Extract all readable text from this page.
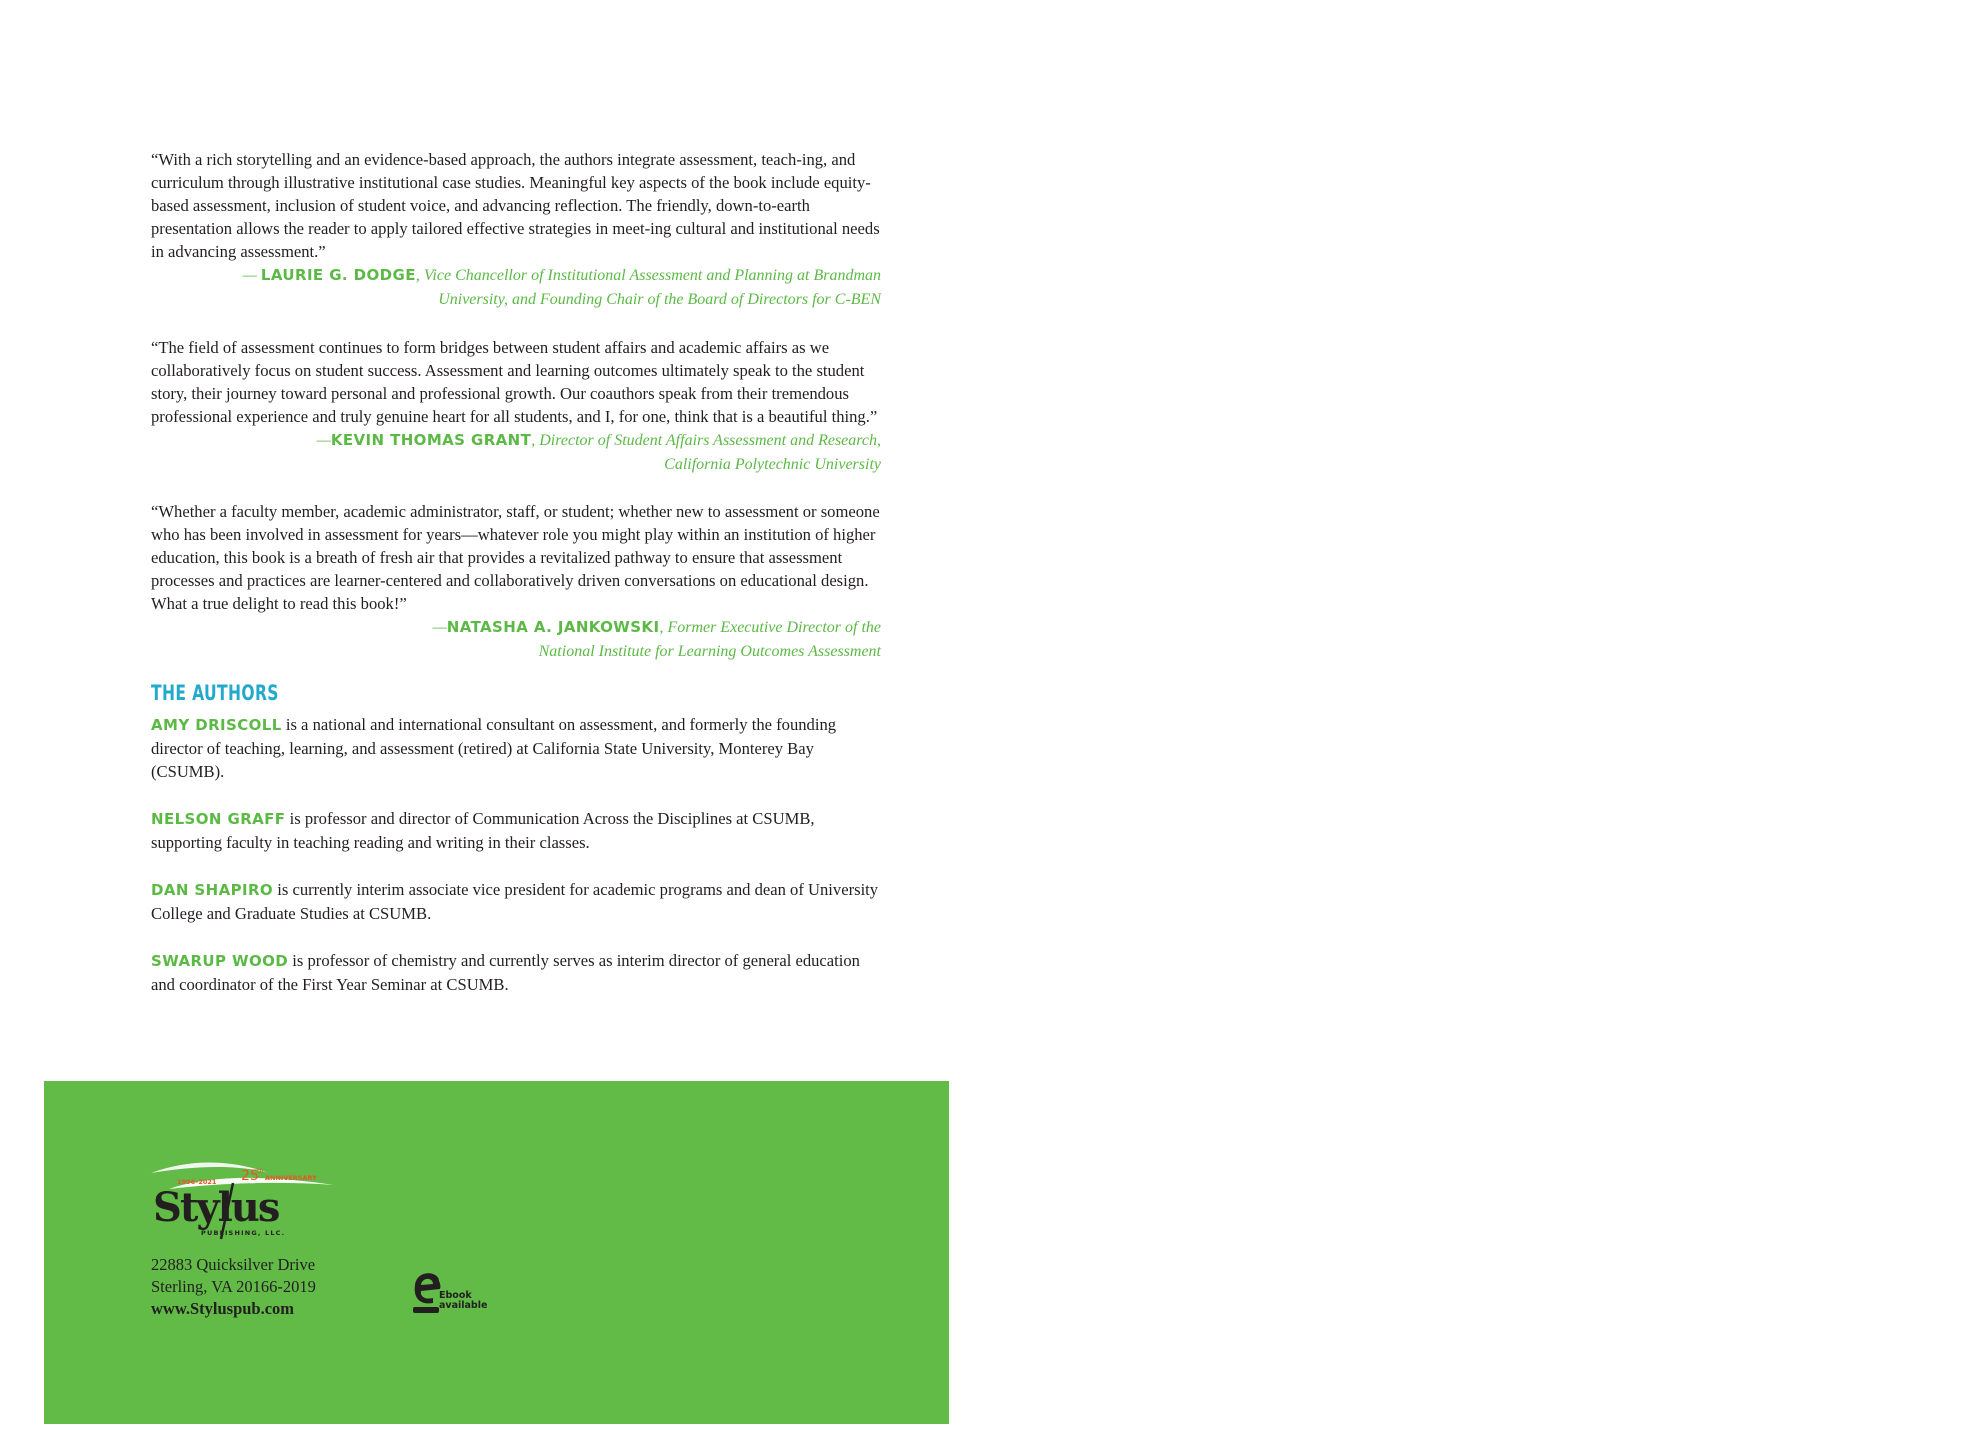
“With a rich storytelling and an evidence-based approach, the authors integrate assessment, teach-ing, and curriculum through illustrative institutional case studies. Meaningful key aspects of the book include equity-based assessment, inclusion of student voice, and advancing reflection. The friendly, down-to-earth presentation allows the reader to apply tailored effective strategies in meet-ing cultural and institutional needs in advancing assessment.”

— LAURIE G. DODGE, Vice Chancellor of Institutional Assessment and Planning at Brandman
University, and Founding Chair of the Board of Directors for C-BEN

“The field of assessment continues to form bridges between student affairs and academic affairs as we collaboratively focus on student success. Assessment and learning outcomes ultimately speak to the student story, their journey toward personal and professional growth. Our coauthors speak from their tremendous professional experience and truly genuine heart for all students, and I, for one, think that is a beautiful thing.”

—KEVIN THOMAS GRANT, Director of Student Affairs Assessment and Research,
California Polytechnic University

“Whether a faculty member, academic administrator, staff, or student; whether new to assessment or someone who has been involved in assessment for years—whatever role you might play within an institution of higher education, this book is a breath of fresh air that provides a revitalized pathway to ensure that assessment processes and practices are learner-centered and collaboratively driven conversations on educational design. What a true delight to read this book!”

—NATASHA A. JANKOWSKI, Former Executive Director of the
National Institute for Learning Outcomes Assessment

THE AUTHORS

AMY DRISCOLL is a national and international consultant on assessment, and formerly the founding director of teaching, learning, and assessment (retired) at California State University, Monterey Bay (CSUMB).

NELSON GRAFF is professor and director of Communication Across the Disciplines at CSUMB, supporting faculty in teaching reading and writing in their classes.

DAN SHAPIRO is currently interim associate vice president for academic programs and dean of University College and Graduate Studies at CSUMB.

SWARUP WOOD is professor of chemistry and currently serves as interim director of general education and coordinator of the First Year Seminar at CSUMB.

1996–2021 25
th
ANNIVERSARY
Stylus
PUBLISHING, LLC.
22883 Quicksilver Drive
Sterling, VA 20166-2019
www.Styluspub.com
Ebook
available
